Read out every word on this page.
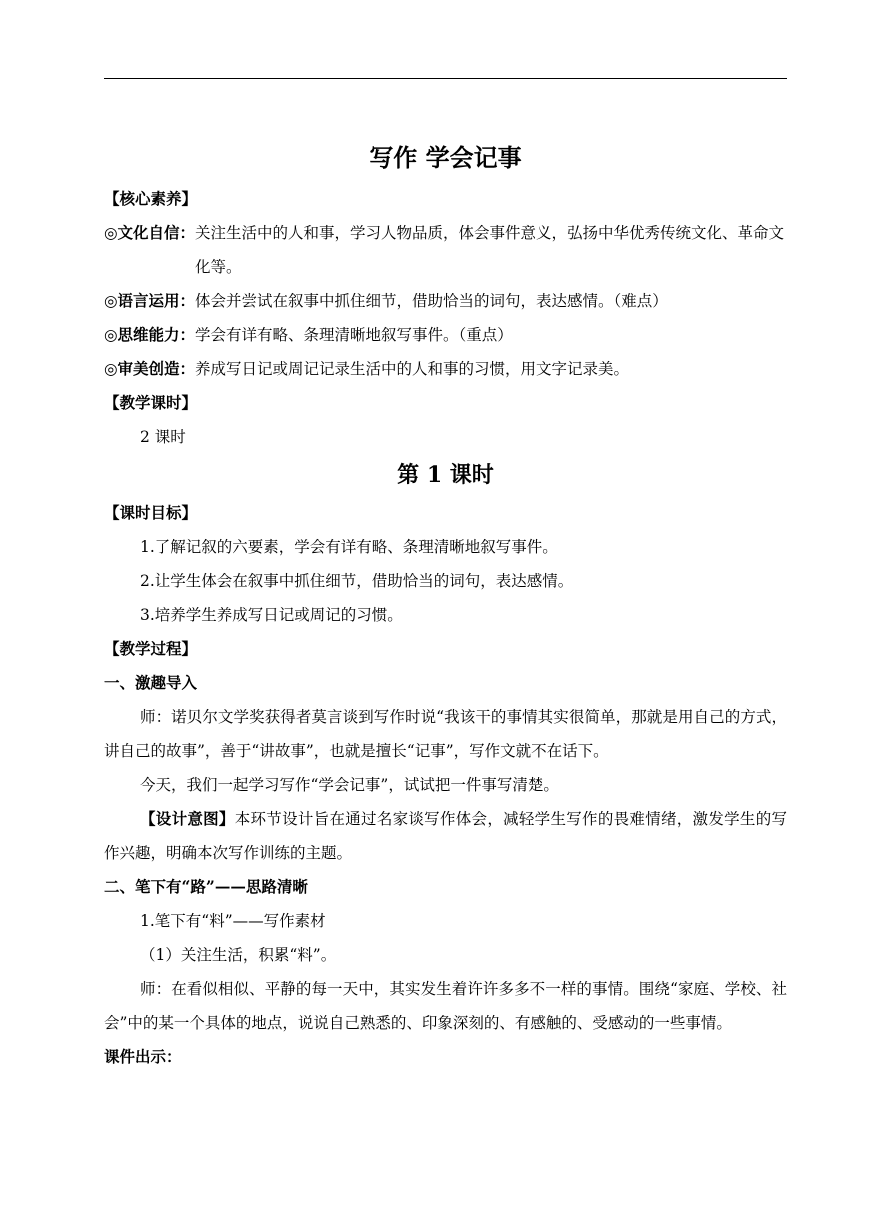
写作 学会记事
【核心素养】
◎文化自信： 关注生活中的人和事，学习人物品质，体会事件意义，弘扬中华优秀传统文化、革命文化等。
◎语言运用： 体会并尝试在叙事中抓住细节，借助恰当的词句，表达感情。（难点）
◎思维能力： 学会有详有略、条理清晰地叙写事件。（重点）
◎审美创造： 养成写日记或周记记录生活中的人和事的习惯，用文字记录美。
【教学课时】
2 课时
第 1 课时
【课时目标】
1.了解记叙的六要素，学会有详有略、条理清晰地叙写事件。
2.让学生体会在叙事中抓住细节，借助恰当的词句，表达感情。
3.培养学生养成写日记或周记的习惯。
【教学过程】
一、激趣导入
师：诺贝尔文学奖获得者莫言谈到写作时说“我该干的事情其实很简单，那就是用自己的方式，讲自己的故事”，善于“讲故事”，也就是擅长“记事”，写作文就不在话下。
今天，我们一起学习写作“学会记事”，试试把一件事写清楚。
【设计意图】本环节设计旨在通过名家谈写作体会，减轻学生写作的畏难情绪，激发学生的写作兴趣，明确本次写作训练的主题。
二、笔下有“路”——思路清晰
1.笔下有“料”——写作素材
（1）关注生活，积累“料”。
师：在看似相似、平静的每一天中，其实发生着许许多多不一样的事情。围绕“家庭、学校、社会”中的某一个具体的地点，说说自己熟悉的、印象深刻的、有感触的、受感动的一些事情。
课件出示：
